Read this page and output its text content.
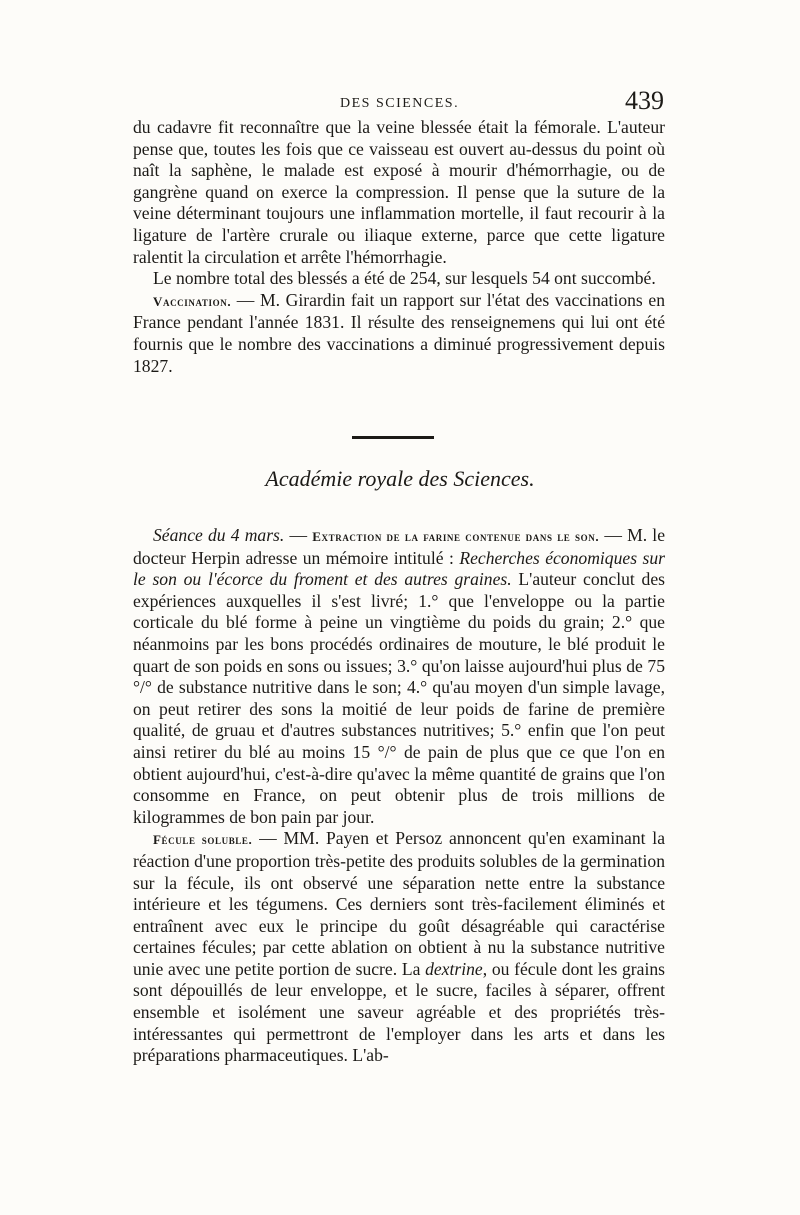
DES SCIENCES.	439

du cadavre fit reconnaître que la veine blessée était la fémorale. L'auteur pense que, toutes les fois que ce vaisseau est ouvert au-dessus du point où naît la saphène, le malade est exposé à mourir d'hémorrhagie, ou de gangrène quand on exerce la compression. Il pense que la suture de la veine déterminant toujours une inflammation mortelle, il faut recourir à la ligature de l'artère crurale ou iliaque externe, parce que cette ligature ralentit la circulation et arrête l'hémorrhagie.

Le nombre total des blessés a été de 254, sur lesquels 54 ont succombé.

Vaccination. — M. Girardin fait un rapport sur l'état des vaccinations en France pendant l'année 1831. Il résulte des renseignemens qui lui ont été fournis que le nombre des vaccinations a diminué progressivement depuis 1827.

Académie royale des Sciences.

Séance du 4 mars. — Extraction de la farine contenue dans le son. — M. le docteur Herpin adresse un mémoire intitulé : Recherches économiques sur le son ou l'écorce du froment et des autres graines. L'auteur conclut des expériences auxquelles il s'est livré; 1.° que l'enveloppe ou la partie corticale du blé forme à peine un vingtième du poids du grain; 2.° que néanmoins par les bons procédés ordinaires de mouture, le blé produit le quart de son poids en sons ou issues; 3.° qu'on laisse aujourd'hui plus de 75 °/° de substance nutritive dans le son; 4.° qu'au moyen d'un simple lavage, on peut retirer des sons la moitié de leur poids de farine de première qualité, de gruau et d'autres substances nutritives; 5.° enfin que l'on peut ainsi retirer du blé au moins 15 °/° de pain de plus que ce que l'on en obtient aujourd'hui, c'est-à-dire qu'avec la même quantité de grains que l'on consomme en France, on peut obtenir plus de trois millions de kilogrammes de bon pain par jour.

Fécule soluble. — MM. Payen et Persoz annoncent qu'en examinant la réaction d'une proportion très-petite des produits solubles de la germination sur la fécule, ils ont observé une séparation nette entre la substance intérieure et les tégumens. Ces derniers sont très-facilement éliminés et entraînent avec eux le principe du goût désagréable qui caractérise certaines fécules; par cette ablation on obtient à nu la substance nutritive unie avec une petite portion de sucre. La dextrine, ou fécule dont les grains sont dépouillés de leur enveloppe, et le sucre, faciles à séparer, offrent ensemble et isolément une saveur agréable et des propriétés très-intéressantes qui permettront de l'employer dans les arts et dans les préparations pharmaceutiques. L'ab-
